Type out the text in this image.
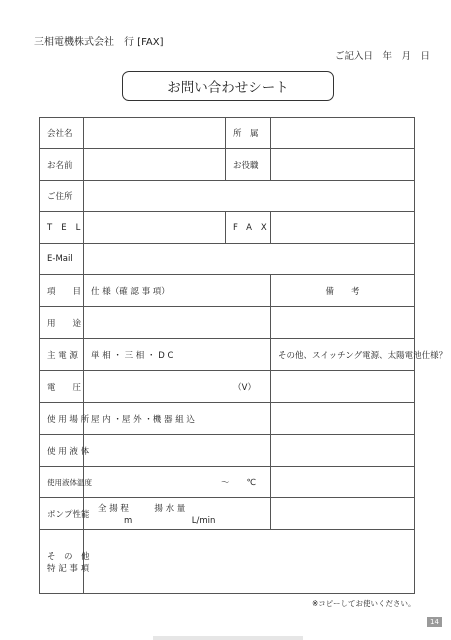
三相電機株式会社　行 [FAX]
ご記入日　年　月　日
お問い合わせシート
会社名		所　属	
お名前		お役職	
ご住所			
TEL		FAX	
E-Mail			
項　　目	仕 様（確 認 事 項）		備　　考
用　　途			
主 電 源	単 相 ・ 三 相 ・ D C		その他、スイッチング電源、太陽電池仕様？
電　　圧	（V）		
使 用 場 所	屋 内 ・屋 外 ・機 器 組 込		
使 用 液 体			
使用液体温度	〜　　℃		
ポンプ性能	全 揚 程　　　揚 水 量
m　　　　　　　L/min		

そ　の　他
特 記 事 項			

※コピーしてお使いください。
14
